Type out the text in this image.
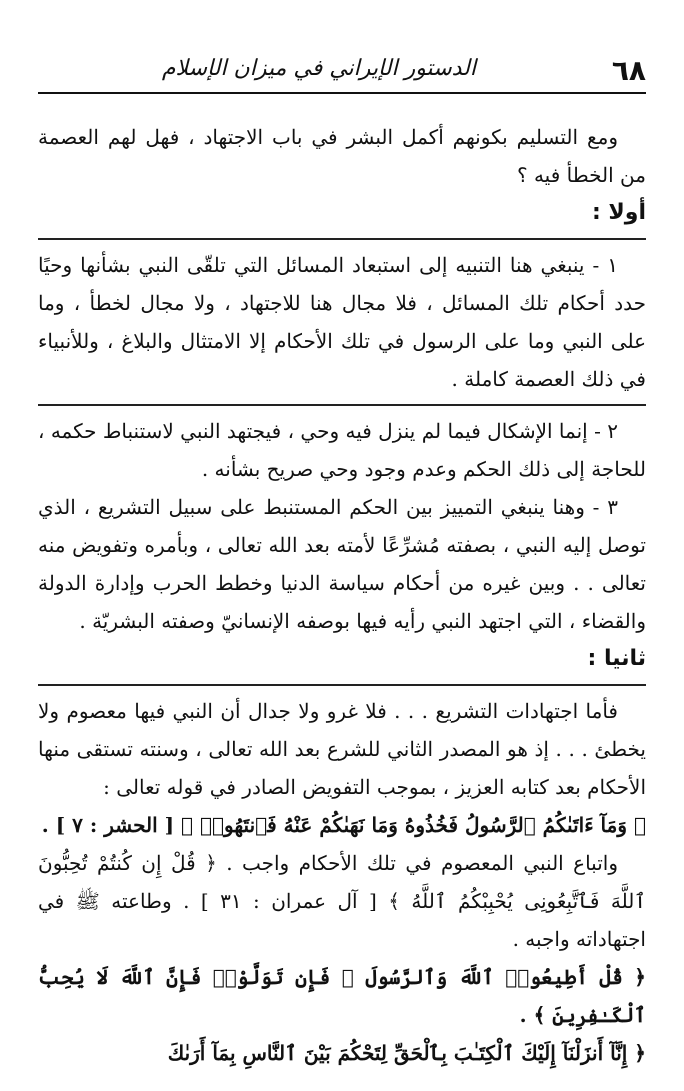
٦٨
الدستور الإيراني في ميزان الإسلام

ومع التسليم بكونهم أكمل البشر في باب الاجتهاد ، فهل لهم العصمة من الخطأ فيه ؟

أولا :

١ - ينبغي هنا التنبيه إلى استبعاد المسائل التي تلقّى النبي بشأنها وحيًا حدد أحكام تلك المسائل ، فلا مجال هنا للاجتهاد ، ولا مجال لخطأ ، وما على النبي وما على الرسول في تلك الأحكام إلا الامتثال والبلاغ ، وللأنبياء في ذلك العصمة كاملة .

٢ - إنما الإشكال فيما لم ينزل فيه وحي ، فيجتهد النبي لاستنباط حكمه ، للحاجة إلى ذلك الحكم وعدم وجود وحي صريح بشأنه .

٣ - وهنا ينبغي التمييز بين الحكم المستنبط على سبيل التشريع ، الذي توصل إليه النبي ، بصفته مُشرِّعًا لأمته بعد الله تعالى ، وبأمره وتفويض منه تعالى . . وبين غيره من أحكام سياسة الدنيا وخطط الحرب وإدارة الدولة والقضاء ، التي اجتهد النبي رأيه فيها بوصفه الإنسانيّ وصفته البشريّة .

ثانيا :

فأما اجتهادات التشريع . . . فلا غرو ولا جدال أن النبي فيها معصوم ولا يخطئ . . . إذ هو المصدر الثاني للشرع بعد الله تعالى ، وسنته تستقى منها الأحكام بعد كتابه العزيز ، بموجب التفويض الصادر في قوله تعالى :

﴿ وَمَآ ءَاتَىٰكُمُ ٱلرَّسُولُ فَخُذُوهُ وَمَا نَهَىٰكُمْ عَنْهُ فَٱنتَهُوا۟ ﴾ [ الحشر : ٧ ] .

واتباع النبي المعصوم في تلك الأحكام واجب . ﴿ قُلْ إِن كُنتُمْ تُحِبُّونَ ٱللَّهَ فَٱتَّبِعُونِى يُحْبِبْكُمُ ٱللَّهُ ﴾ [ آل عمران : ٣١ ] . وطاعته ﷺ في اجتهاداته واجبه .

﴿ قُلْ أَطِيعُوا۟ ٱللَّهَ وَٱلرَّسُولَ ۖ فَإِن تَوَلَّوْا۟ فَإِنَّ ٱللَّهَ لَا يُحِبُّ ٱلْكَـٰفِرِينَ ﴾ .

﴿ إِنَّآ أَنزَلْنَآ إِلَيْكَ ٱلْكِتَـٰبَ بِٱلْحَقِّ لِتَحْكُمَ بَيْنَ ٱلنَّاسِ بِمَآ أَرَىٰكَ
